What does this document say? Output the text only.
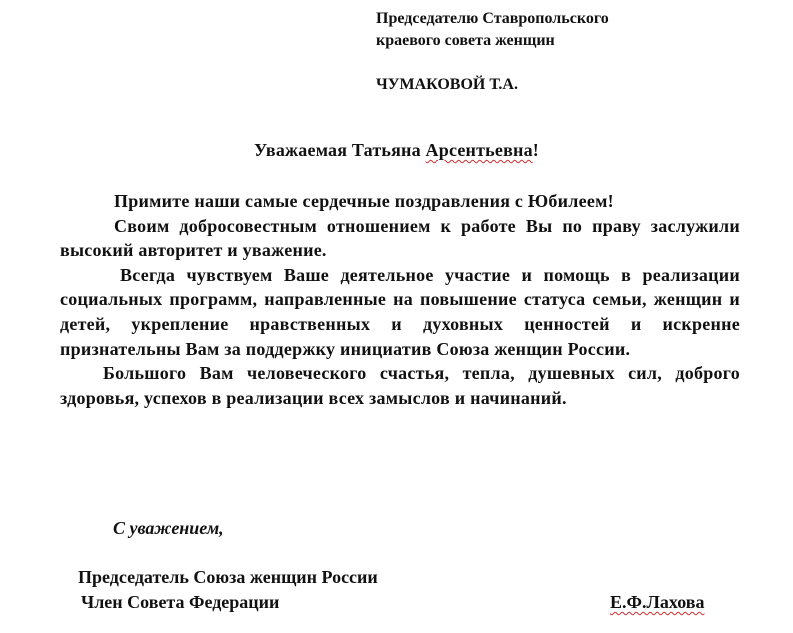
Председателю Ставропольского
краевого совета женщин
ЧУМАКОВОЙ Т.А.
Уважаемая Татьяна Арсентьевна!

Примите наши самые сердечные поздравления с Юбилеем!

Своим добросовестным отношением к работе Вы по праву заслужили высокий авторитет и уважение.

Всегда чувствуем Ваше деятельное участие и помощь в реализации социальных программ, направленные на повышение статуса семьи, женщин и детей, укрепление нравственных и духовных ценностей и искренне признательны Вам за поддержку инициатив Союза женщин России.

Большого Вам человеческого счастья, тепла, душевных сил, доброго здоровья, успехов в реализации всех замыслов и начинаний.

С уважением,
Председатель Союза женщин России
Член Совета Федерации	Е.Ф.Лахова
